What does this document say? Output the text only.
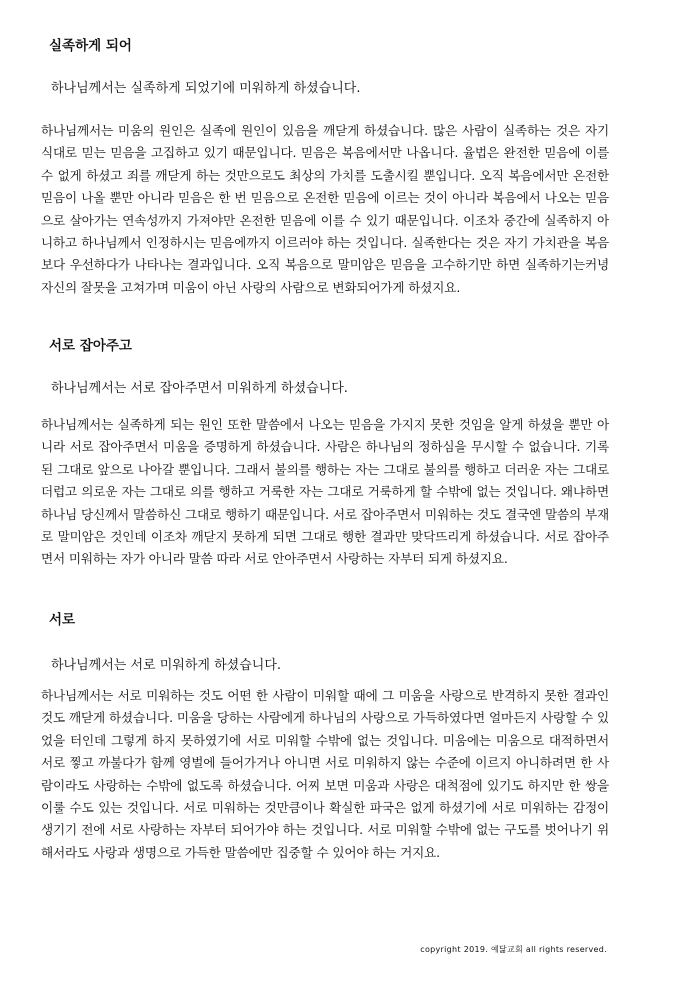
실족하게 되어

하나님께서는 실족하게 되었기에 미워하게 하셨습니다.

하나님께서는 미움의 원인은 실족에 원인이 있음을 깨닫게 하셨습니다. 많은 사람이 실족하는 것은 자기 식대로 믿는 믿음을 고집하고 있기 때문입니다. 믿음은 복음에서만 나옵니다. 율법은 완전한 믿음에 이를 수 없게 하셨고 죄를 깨닫게 하는 것만으로도 최상의 가치를 도출시킬 뿐입니다. 오직 복음에서만 온전한 믿음이 나올 뿐만 아니라 믿음은 한 번 믿음으로 온전한 믿음에 이르는 것이 아니라 복음에서 나오는 믿음으로 살아가는 연속성까지 가져야만 온전한 믿음에 이를 수 있기 때문입니다. 이조차 중간에 실족하지 아니하고 하나님께서 인정하시는 믿음에까지 이르러야 하는 것입니다. 실족한다는 것은 자기 가치관을 복음보다 우선하다가 나타나는 결과입니다. 오직 복음으로 말미암은 믿음을 고수하기만 하면 실족하기는커녕 자신의 잘못을 고쳐가며 미움이 아닌 사랑의 사람으로 변화되어가게 하셨지요.

서로 잡아주고

하나님께서는 서로 잡아주면서 미워하게 하셨습니다.

하나님께서는 실족하게 되는 원인 또한 말씀에서 나오는 믿음을 가지지 못한 것임을 알게 하셨을 뿐만 아니라 서로 잡아주면서 미움을 증명하게 하셨습니다. 사람은 하나님의 정하심을 무시할 수 없습니다. 기록된 그대로 앞으로 나아갈 뿐입니다. 그래서 불의를 행하는 자는 그대로 불의를 행하고 더러운 자는 그대로 더럽고 의로운 자는 그대로 의를 행하고 거룩한 자는 그대로 거룩하게 할 수밖에 없는 것입니다. 왜냐하면 하나님 당신께서 말씀하신 그대로 행하기 때문입니다. 서로 잡아주면서 미워하는 것도 결국엔 말씀의 부재로 말미암은 것인데 이조차 깨닫지 못하게 되면 그대로 행한 결과만 맞닥뜨리게 하셨습니다. 서로 잡아주면서 미워하는 자가 아니라 말씀 따라 서로 안아주면서 사랑하는 자부터 되게 하셨지요.

서로

하나님께서는 서로 미워하게 하셨습니다.

하나님께서는 서로 미워하는 것도 어떤 한 사람이 미워할 때에 그 미움을 사랑으로 반격하지 못한 결과인 것도 깨닫게 하셨습니다. 미움을 당하는 사람에게 하나님의 사랑으로 가득하였다면 얼마든지 사랑할 수 있었을 터인데 그렇게 하지 못하였기에 서로 미워할 수밖에 없는 것입니다. 미움에는 미움으로 대적하면서 서로 찧고 까불다가 함께 영벌에 들어가거나 아니면 서로 미워하지 않는 수준에 이르지 아니하려면 한 사람이라도 사랑하는 수밖에 없도록 하셨습니다. 어찌 보면 미움과 사랑은 대척점에 있기도 하지만 한 쌍을 이룰 수도 있는 것입니다. 서로 미워하는 것만큼이나 확실한 파국은 없게 하셨기에 서로 미워하는 감정이 생기기 전에 서로 사랑하는 자부터 되어가야 하는 것입니다. 서로 미워할 수밖에 없는 구도를 벗어나기 위해서라도 사랑과 생명으로 가득한 말씀에만 집중할 수 있어야 하는 거지요.

copyright 2019. 예닮교회 all rights reserved.
